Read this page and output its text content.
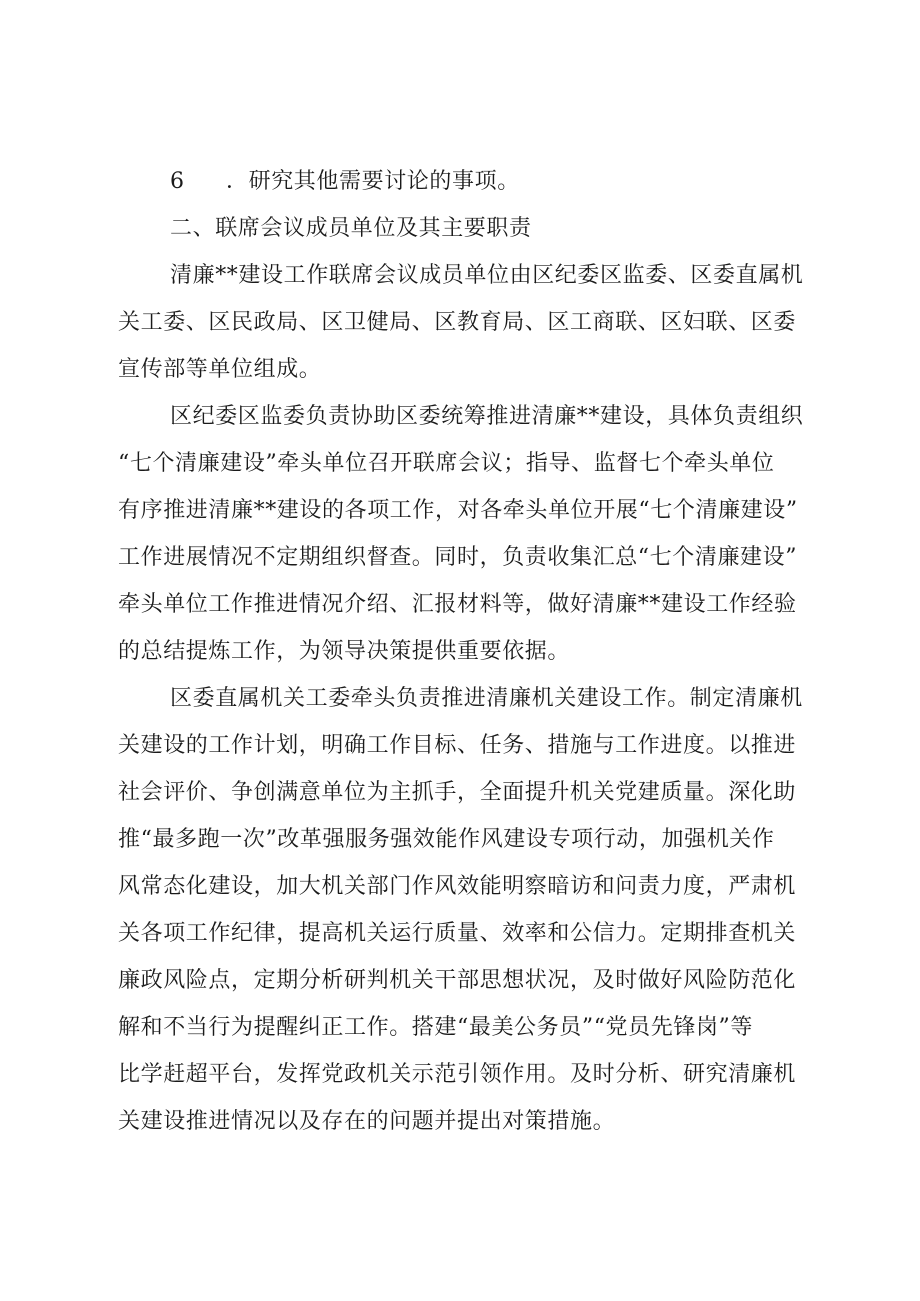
6 ．研究其他需要讨论的事项。
二、联席会议成员单位及其主要职责
清廉**建设工作联席会议成员单位由区纪委区监委、区委直属机
关工委、区民政局、区卫健局、区教育局、区工商联、区妇联、区委
宣传部等单位组成。
区纪委区监委负责协助区委统筹推进清廉**建设，具体负责组织
“七个清廉建设”牵头单位召开联席会议；指导、监督七个牵头单位
有序推进清廉**建设的各项工作，对各牵头单位开展“七个清廉建设”
工作进展情况不定期组织督查。同时，负责收集汇总“七个清廉建设”
牵头单位工作推进情况介绍、汇报材料等，做好清廉**建设工作经验
的总结提炼工作，为领导决策提供重要依据。
区委直属机关工委牵头负责推进清廉机关建设工作。制定清廉机
关建设的工作计划，明确工作目标、任务、措施与工作进度。以推进
社会评价、争创满意单位为主抓手，全面提升机关党建质量。深化助
推“最多跑一次”改革强服务强效能作风建设专项行动，加强机关作
风常态化建设，加大机关部门作风效能明察暗访和问责力度，严肃机
关各项工作纪律，提高机关运行质量、效率和公信力。定期排查机关
廉政风险点，定期分析研判机关干部思想状况，及时做好风险防范化
解和不当行为提醒纠正工作。搭建“最美公务员”“党员先锋岗”等
比学赶超平台，发挥党政机关示范引领作用。及时分析、研究清廉机
关建设推进情况以及存在的问题并提出对策措施。
